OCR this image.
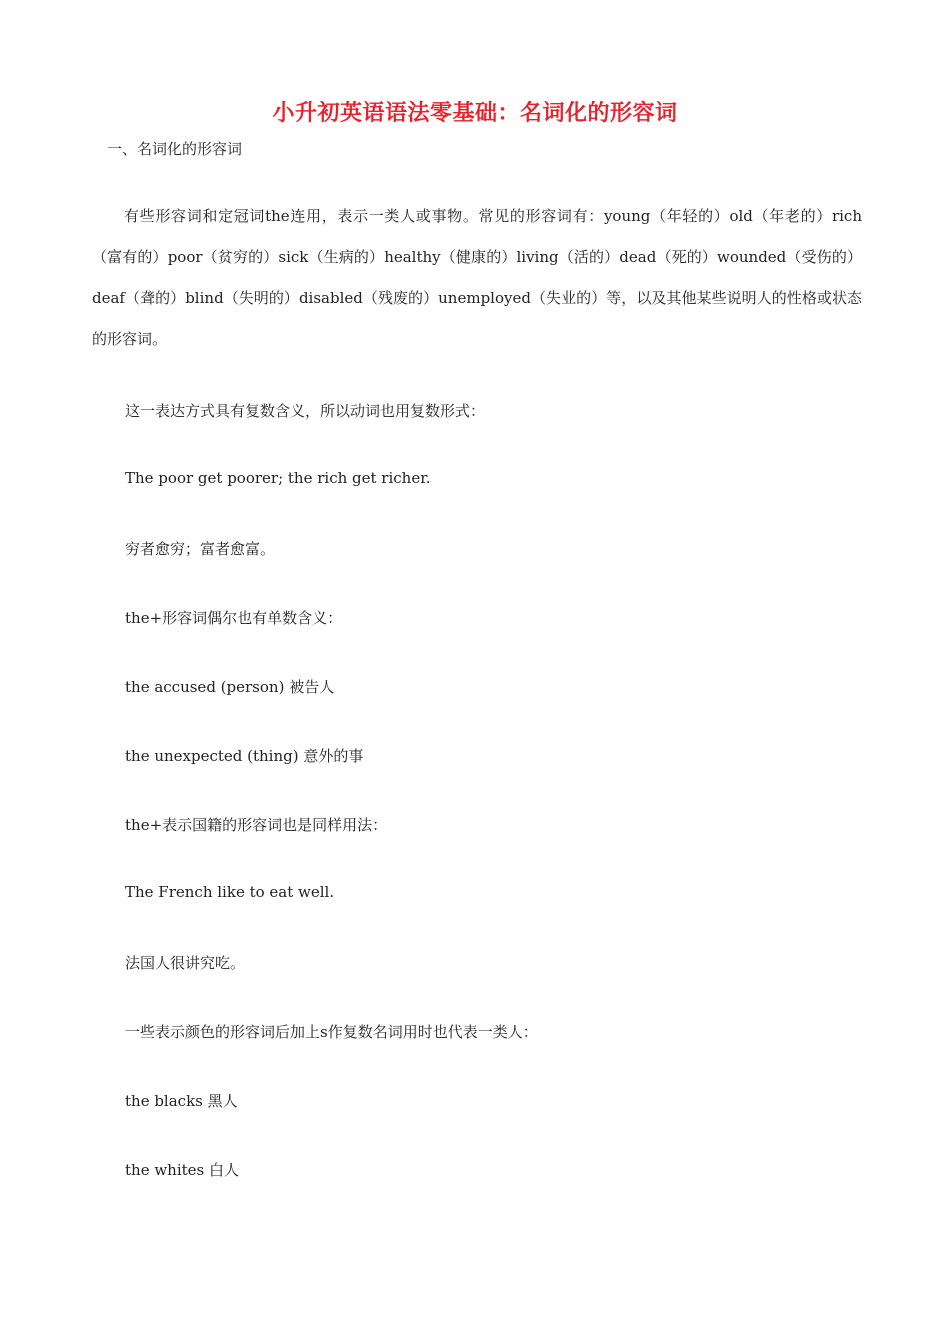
小升初英语语法零基础：名词化的形容词
一、名词化的形容词
有些形容词和定冠词the连用，表示一类人或事物。常见的形容词有：young（年轻的）old（年老的）rich（富有的）poor（贫穷的）sick（生病的）healthy（健康的）living（活的）dead（死的）wounded（受伤的）deaf（聋的）blind（失明的）disabled（残废的）unemployed（失业的）等，以及其他某些说明人的性格或状态的形容词。
这一表达方式具有复数含义，所以动词也用复数形式：
The poor get poorer; the rich get richer.
穷者愈穷；富者愈富。
the+形容词偶尔也有单数含义：
the accused (person) 被告人
the unexpected (thing) 意外的事
the+表示国籍的形容词也是同样用法：
The French like to eat well.
法国人很讲究吃。
一些表示颜色的形容词后加上s作复数名词用时也代表一类人：
the blacks 黑人
the whites 白人
